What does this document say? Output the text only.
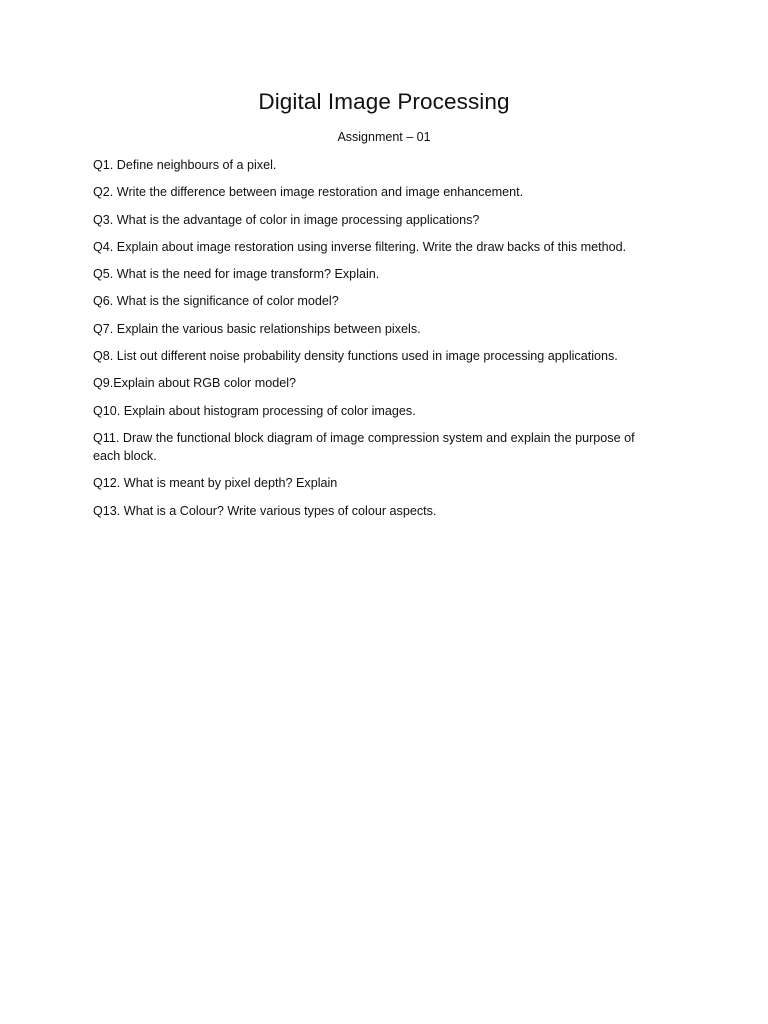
Digital Image Processing
Assignment – 01
Q1. Define neighbours of a pixel.
Q2. Write the difference between image restoration and image enhancement.
Q3. What is the advantage of color in image processing applications?
Q4. Explain about image restoration using inverse filtering. Write the draw backs of this method.
Q5. What is the need for image transform? Explain.
Q6. What is the significance of color model?
Q7. Explain the various basic relationships between pixels.
Q8. List out different noise probability density functions used in image processing applications.
Q9.Explain about RGB color model?
Q10. Explain about histogram processing of color images.
Q11. Draw the functional block diagram of image compression system and explain the purpose of each block.
Q12. What is meant by pixel depth? Explain
Q13. What is a Colour? Write various types of colour aspects.
